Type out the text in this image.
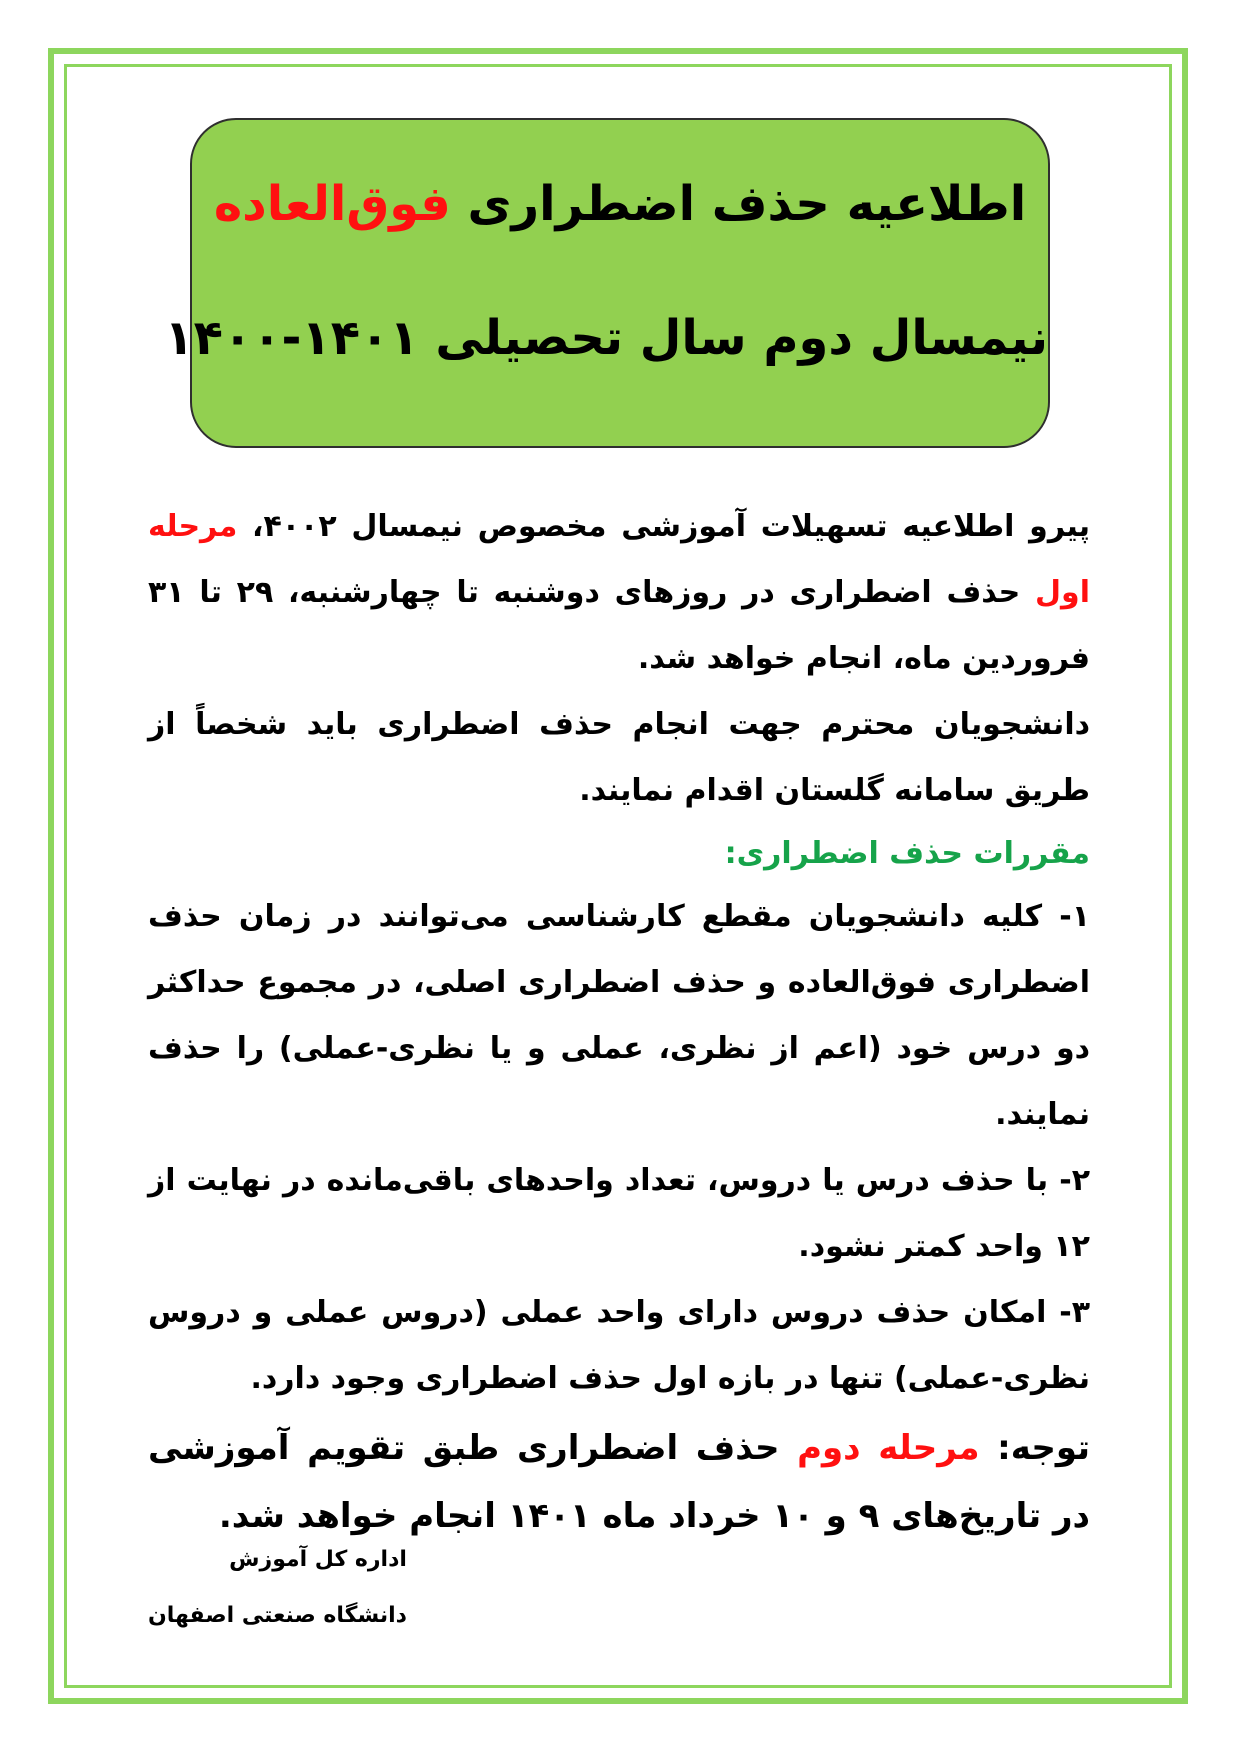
اطلاعیه حذف اضطراری فوق‌العاده
نیمسال دوم سال تحصیلی ۱۴۰۱-۱۴۰۰

پیرو اطلاعیه تسهیلات آموزشی مخصوص نیمسال ۴۰۰۲، مرحله اول حذف اضطراری در روزهای دوشنبه تا چهارشنبه، ۲۹ تا ۳۱ فروردین ماه، انجام خواهد شد.

دانشجویان محترم جهت انجام حذف اضطراری باید شخصاً از طریق سامانه گلستان اقدام نمایند.

مقررات حذف اضطراری:

۱- کلیه دانشجویان مقطع کارشناسی می‌توانند در زمان حذف اضطراری فوق‌العاده و حذف اضطراری اصلی، در مجموع حداکثر دو درس خود (اعم از نظری، عملی و یا نظری-عملی) را حذف نمایند.

۲- با حذف درس یا دروس، تعداد واحدهای باقی‌مانده در نهایت از ۱۲ واحد کمتر نشود.

۳- امکان حذف دروس دارای واحد عملی (دروس عملی و دروس نظری-عملی) تنها در بازه اول حذف اضطراری وجود دارد.

توجه: مرحله دوم حذف اضطراری طبق تقویم آموزشی در تاریخ‌های ۹ و ۱۰ خرداد ماه ۱۴۰۱ انجام خواهد شد.

اداره کل آموزش
دانشگاه صنعتی اصفهان
